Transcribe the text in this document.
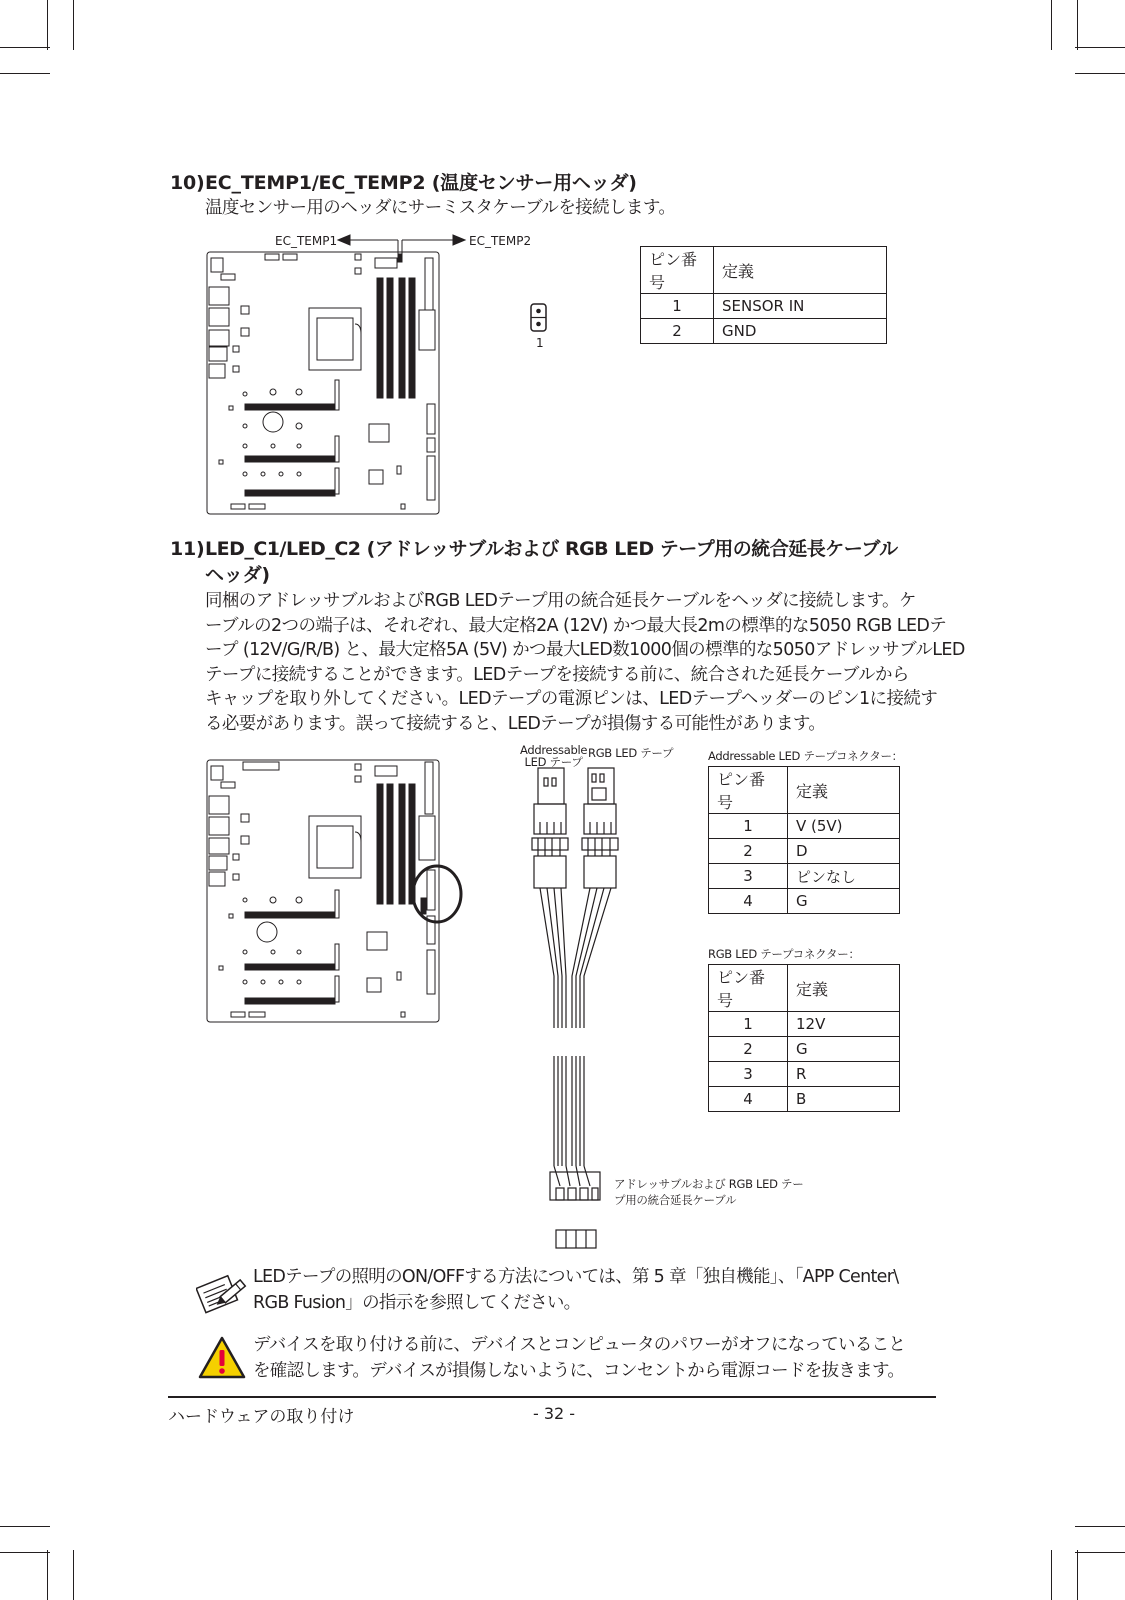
10) EC_TEMP1/EC_TEMP2 (温度センサー用ヘッダ)
温度センサー用のヘッダにサーミスタケーブルを接続します。
EC_TEMP1	EC_TEMP2
1
ピン番号	定義
1	SENSOR IN
2	GND
11) LED_C1/LED_C2 (アドレッサブルおよび RGB LED テープ用の統合延長ケーブル
ヘッダ)
同梱のアドレッサブルおよびRGB LEDテープ用の統合延長ケーブルをヘッダに接続します。ケ
ーブルの2つの端子は、それぞれ、最大定格2A (12V) かつ最大長2mの標準的な5050 RGB LEDテ
ープ (12V/G/R/B) と、最大定格5A (5V) かつ最大LED数1000個の標準的な5050アドレッサブルLED
テープに接続することができます。LEDテープを接続する前に、統合された延長ケーブルから
キャップを取り外してください。LEDテープの電源ピンは、LEDテープヘッダーのピン1に接続す
る必要があります。誤って接続すると、LEDテープが損傷する可能性があります。
Addressable
LED テープ
RGB LED テープ
アドレッサブルおよび RGB LED テー
プ用の統合延長ケーブル
Addressable LED テープコネクター：
ピン番号	定義
1	V (5V)
2	D
3	ピンなし
4	G
RGB LED テープコネクター：
ピン番号	定義
1	12V
2	G
3	R
4	B
LEDテープの照明のON/OFFする方法については、第 5 章「独自機能」、「APP Center\
RGB Fusion」の指示を参照してください。
デバイスを取り付ける前に、デバイスとコンピュータのパワーがオフになっていること
を確認します。デバイスが損傷しないように、コンセントから電源コードを抜きます。
ハードウェアの取り付け	- 32 -
